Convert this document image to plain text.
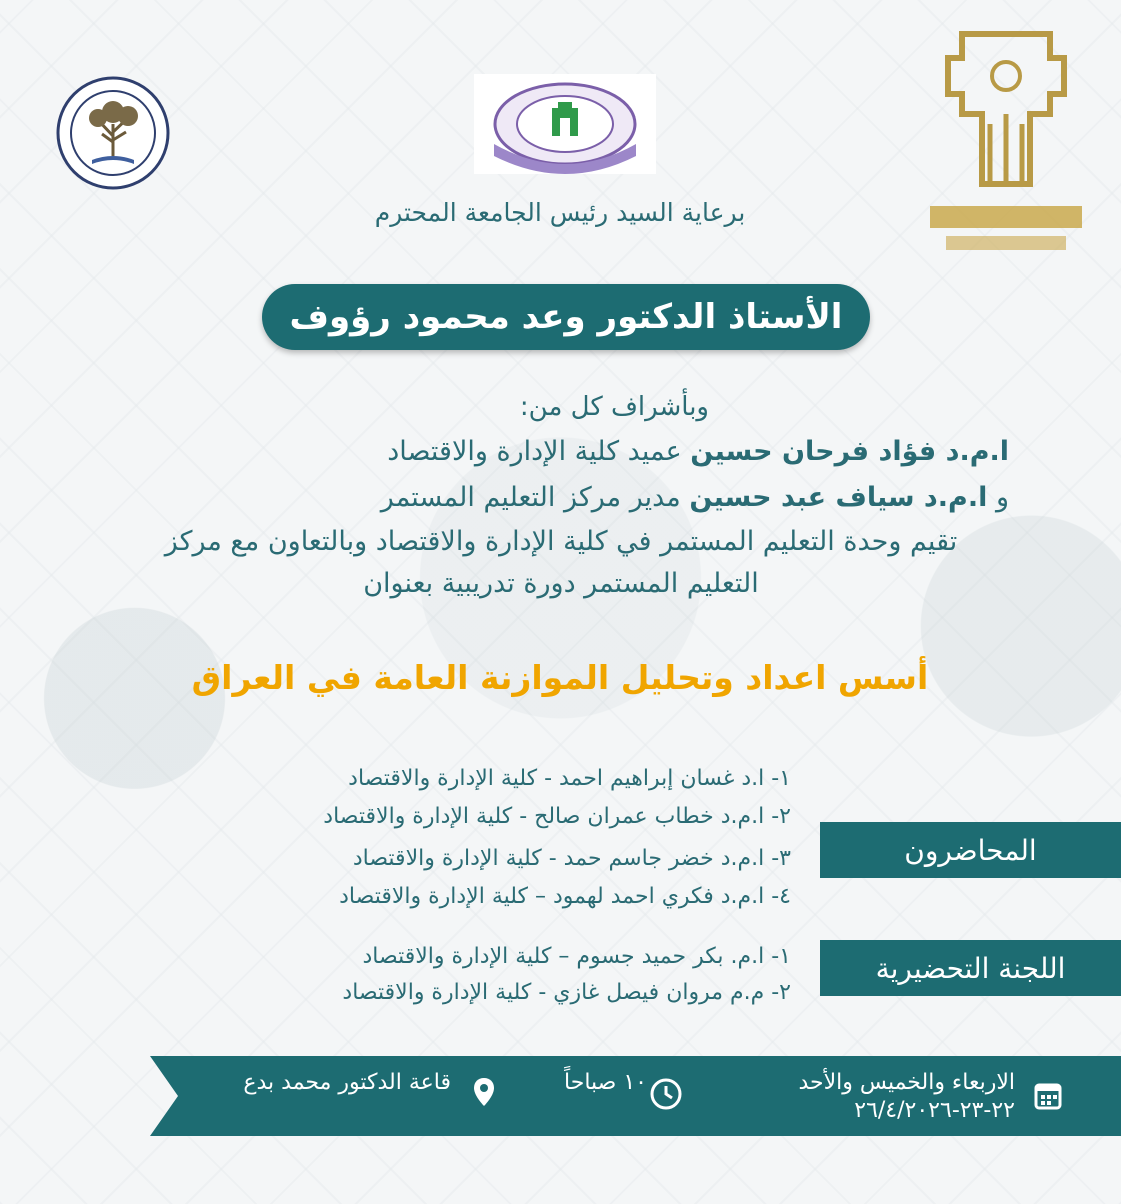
برعاية السيد رئيس الجامعة المحترم
الأستاذ الدكتور وعد محمود رؤوف
وبأشراف كل من:
ا.م.د فؤاد فرحان حسين عميد كلية الإدارة والاقتصاد
و ا.م.د سياف عبد حسين مدير مركز التعليم المستمر
تقيم وحدة التعليم المستمر في كلية الإدارة والاقتصاد وبالتعاون مع مركز
التعليم المستمر دورة تدريبية بعنوان
أسس اعداد وتحليل الموازنة العامة في العراق
١- ا.د غسان إبراهيم احمد - كلية الإدارة والاقتصاد
٢- ا.م.د خطاب عمران صالح - كلية الإدارة والاقتصاد
٣- ا.م.د خضر جاسم حمد - كلية الإدارة والاقتصاد
٤- ا.م.د فكري احمد لهمود – كلية الإدارة والاقتصاد
المحاضرون
١- ا.م. بكر حميد جسوم – كلية الإدارة والاقتصاد
٢- م.م مروان فيصل غازي - كلية الإدارة والاقتصاد
اللجنة التحضيرية
الاربعاء والخميس والأحد
٢٢-٢٣-٢٦/٤/٢٠٢٦
١٠ صباحاً
قاعة الدكتور محمد بدع
